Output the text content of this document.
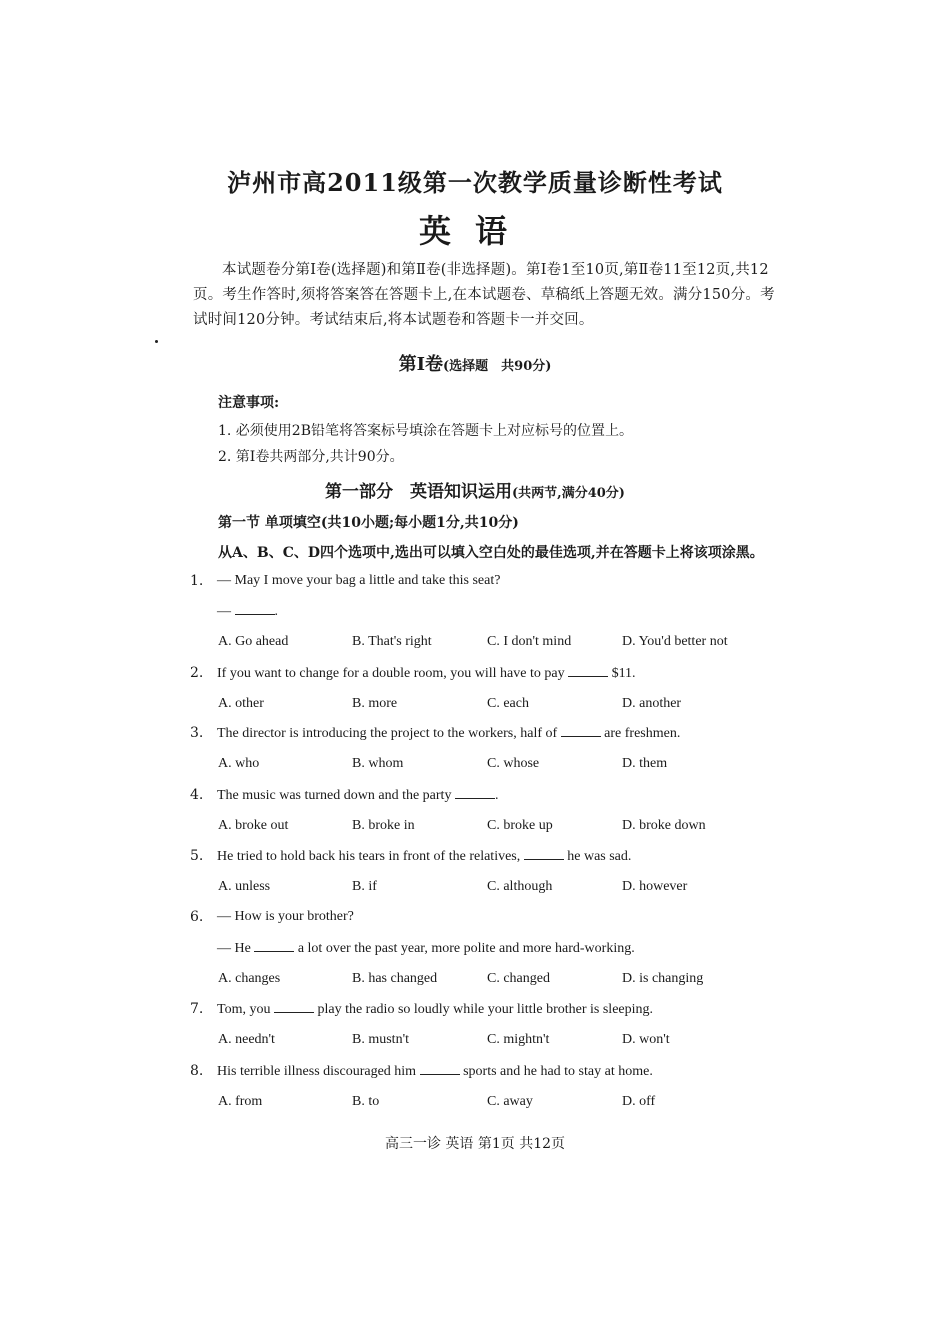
泸州市高2011级第一次教学质量诊断性考试
英语
本试题卷分第Ⅰ卷(选择题)和第Ⅱ卷(非选择题)。第Ⅰ卷1至10页,第Ⅱ卷11至12页,共12页。考生作答时,须将答案答在答题卡上,在本试题卷、草稿纸上答题无效。满分150分。考试时间120分钟。考试结束后,将本试题卷和答题卡一并交回。
第Ⅰ卷(选择题　共90分)
注意事项:
1. 必须使用2B铅笔将答案标号填涂在答题卡上对应标号的位置上。
2. 第Ⅰ卷共两部分,共计90分。
第一部分　英语知识运用(共两节,满分40分)
第一节 单项填空(共10小题;每小题1分,共10分)
从A、B、C、D四个选项中,选出可以填入空白处的最佳选项,并在答题卡上将该项涂黑。
1. — May I move your bag a little and take this seat?
—	.
A. Go ahead	B. That's right	C. I don't mind	D. You'd better not
2. If you want to change for a double room, you will have to pay	$11.
A. other	B. more	C. each	D. another
3. The director is introducing the project to the workers, half of	are freshmen.
A. who	B. whom	C. whose	D. them
4. The music was turned down and the party	.
A. broke out	B. broke in	C. broke up	D. broke down
5. He tried to hold back his tears in front of the relatives,	he was sad.
A. unless	B. if	C. although	D. however
6. — How is your brother?
— He	a lot over the past year, more polite and more hard-working.
A. changes	B. has changed	C. changed	D. is changing
7. Tom, you	play the radio so loudly while your little brother is sleeping.
A. needn't	B. mustn't	C. mightn't	D. won't
8. His terrible illness discouraged him	sports and he had to stay at home.
A. from	B. to	C. away	D. off
高三一诊 英语 第1页 共12页
